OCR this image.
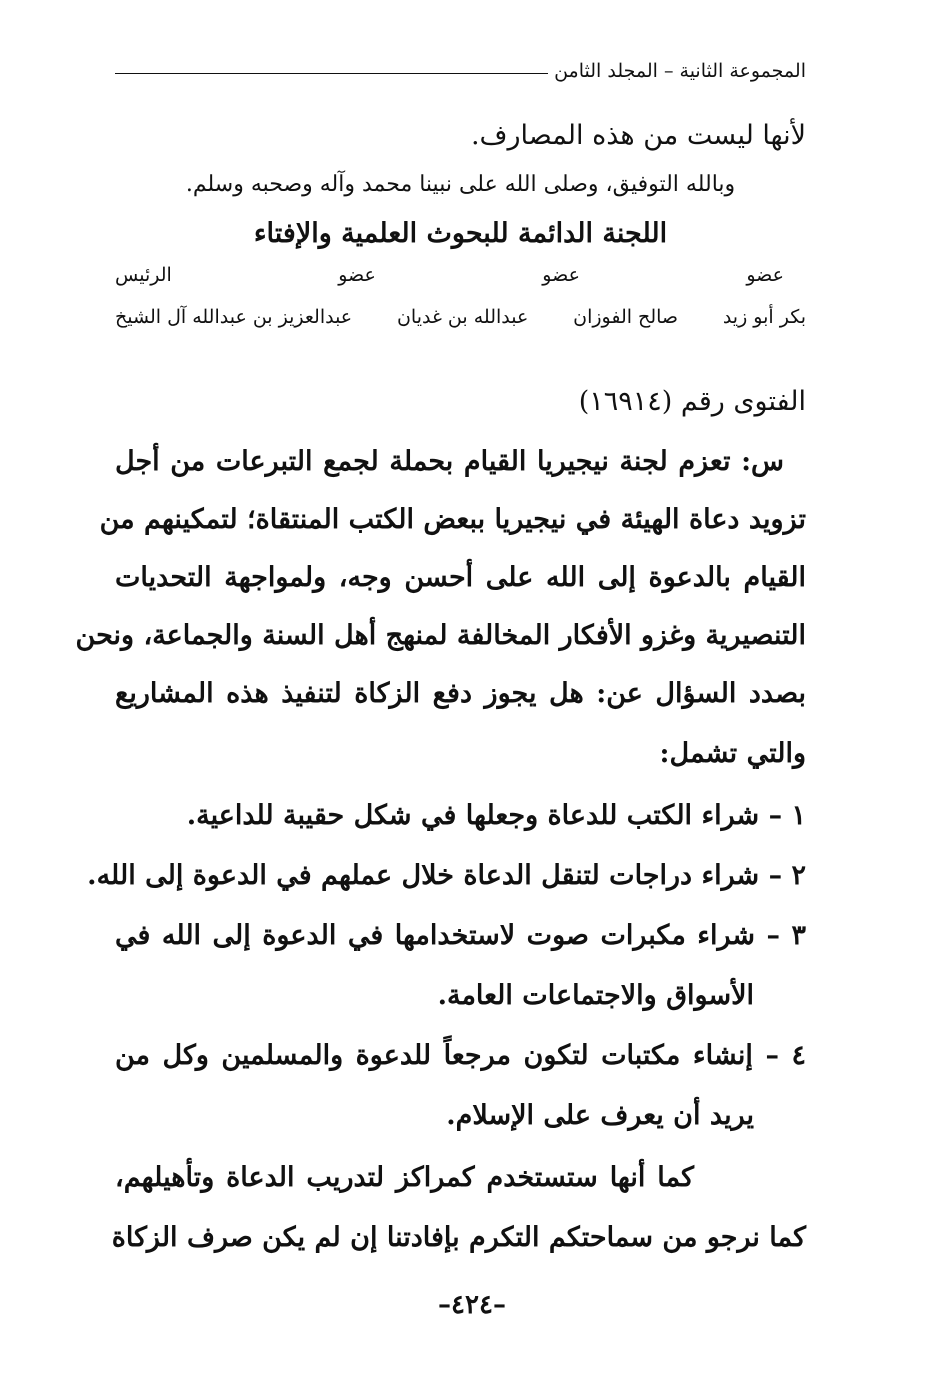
المجموعة الثانية – المجلد الثامن
لأنها ليست من هذه المصارف.
وبالله التوفيق، وصلى الله على نبينا محمد وآله وصحبه وسلم.
اللجنة الدائمة للبحوث العلمية والإفتاء
عضو
عضو
عضو
الرئيس
بكر أبو زيد
صالح الفوزان
عبدالله بن غديان
عبدالعزيز بن عبدالله آل الشيخ
الفتوى رقم (١٦٩١٤)
س: تعزم لجنة نيجيريا القيام بحملة لجمع التبرعات من أجل
تزويد دعاة الهيئة في نيجيريا ببعض الكتب المنتقاة؛ لتمكينهم من
القيام بالدعوة إلى الله على أحسن وجه، ولمواجهة التحديات
التنصيرية وغزو الأفكار المخالفة لمنهج أهل السنة والجماعة، ونحن
بصدد السؤال عن: هل يجوز دفع الزكاة لتنفيذ هذه المشاريع
والتي تشمل:
١ – شراء الكتب للدعاة وجعلها في شكل حقيبة للداعية.
٢ – شراء دراجات لتنقل الدعاة خلال عملهم في الدعوة إلى الله.
٣ – شراء مكبرات صوت لاستخدامها في الدعوة إلى الله في
الأسواق والاجتماعات العامة.
٤ – إنشاء مكتبات لتكون مرجعاً للدعوة والمسلمين وكل من
يريد أن يعرف على الإسلام.
كما أنها ستستخدم كمراكز لتدريب الدعاة وتأهيلهم،
كما نرجو من سماحتكم التكرم بإفادتنا إن لم يكن صرف الزكاة
–٤٢٤–
